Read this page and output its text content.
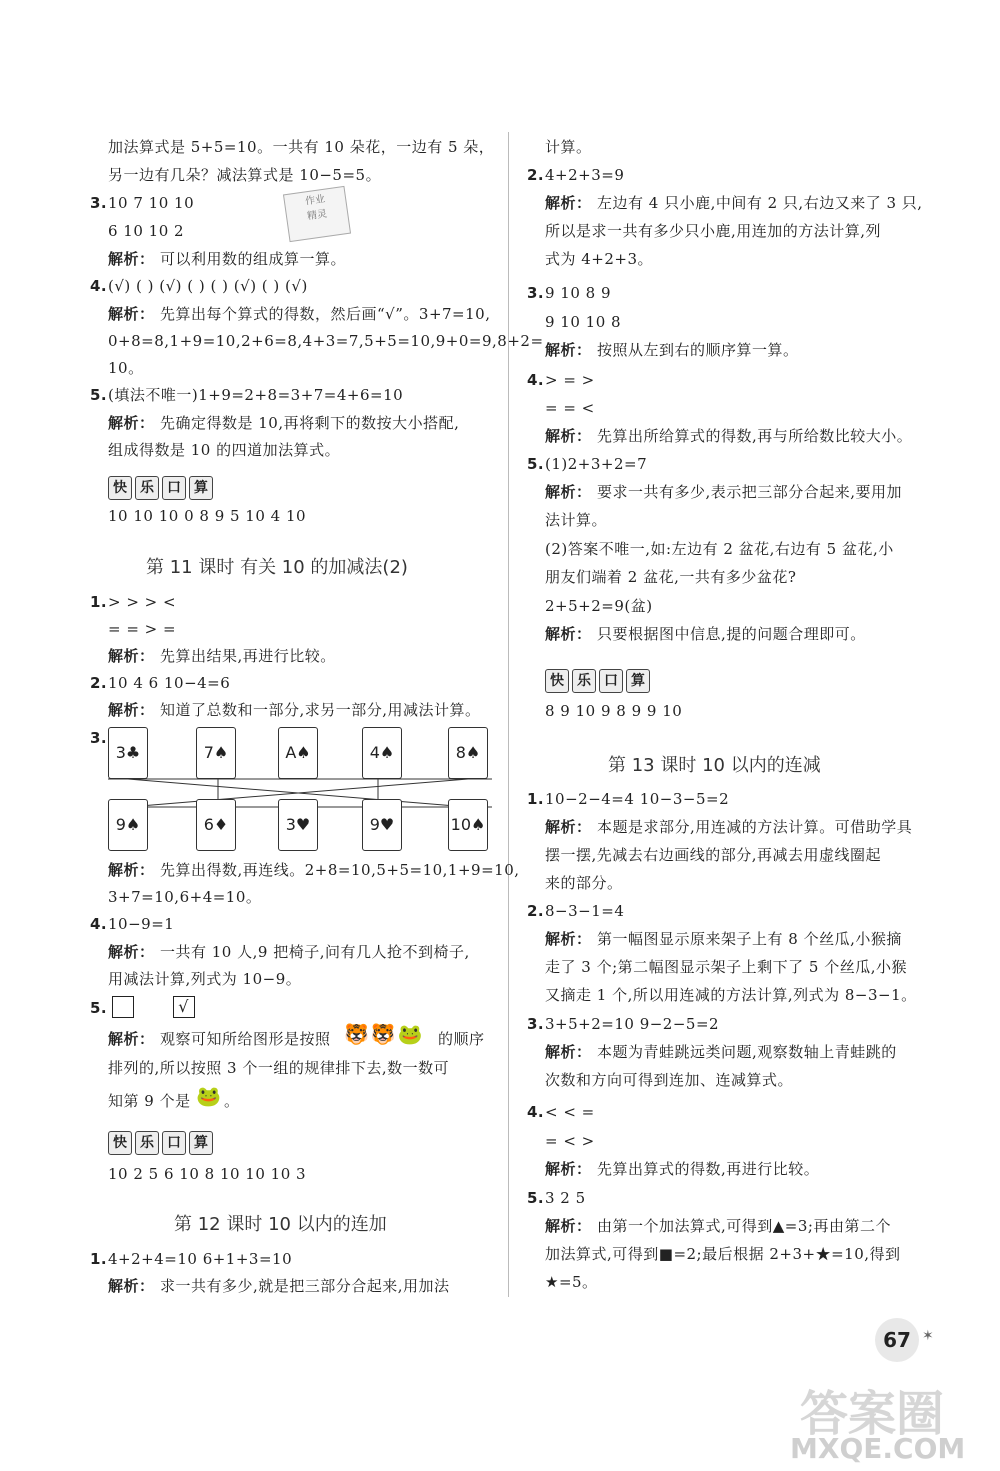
加法算式是 5+5=10。一共有 10 朵花，一边有 5 朵，
另一边有几朵？减法算式是 10−5=5。
3. 10 7 10 10
6 10 10 2
作业
精灵
解析： 可以利用数的组成算一算。
4. (√) ( ) (√) ( ) ( ) (√) ( ) (√)
解析： 先算出每个算式的得数，然后画“√”。3+7=10,
0+8=8,1+9=10,2+6=8,4+3=7,5+5=10,9+0=9,8+2=
10。
5. (填法不唯一)1+9=2+8=3+7=4+6=10
解析： 先确定得数是 10,再将剩下的数按大小搭配,
组成得数是 10 的四道加法算式。
快 乐 口 算
10 10 10 0 8 9 5 10 4 10
第 11 课时 有关 10 的加减法(2)
1. > > > <
= = > =
解析： 先算出结果,再进行比较。
2. 10 4 6 10−4=6
解析： 知道了总数和一部分,求另一部分,用减法计算。
3.
3♣	7♠	A♠	4♠	8♠
9♠	6♦	3♥	9♥	10♠
解析： 先算出得数,再连线。2+8=10,5+5=10,1+9=10,
3+7=10,6+4=10。
4. 10−9=1
解析： 一共有 10 人,9 把椅子,问有几人抢不到椅子,
用减法计算,列式为 10−9。
5.	√
解析： 观察可知所给图形是按照 🐯🐯🐸 的顺序
排列的,所以按照 3 个一组的规律排下去,数一数可
知第 9 个是 🐸 。
快 乐 口 算
10 2 5 6 10 8 10 10 10 3
第 12 课时 10 以内的连加
1. 4+2+4=10 6+1+3=10
解析： 求一共有多少,就是把三部分合起来,用加法
计算。
2. 4+2+3=9
解析： 左边有 4 只小鹿,中间有 2 只,右边又来了 3 只,
所以是求一共有多少只小鹿,用连加的方法计算,列
式为 4+2+3。
3. 9 10 8 9
9 10 10 8
解析： 按照从左到右的顺序算一算。
4. > = >
= = <
解析： 先算出所给算式的得数,再与所给数比较大小。
5. (1)2+3+2=7
解析： 要求一共有多少,表示把三部分合起来,要用加
法计算。
(2)答案不唯一,如:左边有 2 盆花,右边有 5 盆花,小
朋友们端着 2 盆花,一共有多少盆花?
2+5+2=9(盆)
解析： 只要根据图中信息,提的问题合理即可。
快 乐 口 算
8 9 10 9 8 9 9 10
第 13 课时 10 以内的连减
1. 10−2−4=4 10−3−5=2
解析： 本题是求部分,用连减的方法计算。可借助学具
摆一摆,先减去右边画线的部分,再减去用虚线圈起
来的部分。
2. 8−3−1=4
解析： 第一幅图显示原来架子上有 8 个丝瓜,小猴摘
走了 3 个;第二幅图显示架子上剩下了 5 个丝瓜,小猴
又摘走 1 个,所以用连减的方法计算,列式为 8−3−1。
3. 3+5+2=10 9−2−5=2
解析： 本题为青蛙跳远类问题,观察数轴上青蛙跳的
次数和方向可得到连加、连减算式。
4. < < =
= < >
解析： 先算出算式的得数,再进行比较。
5. 3 2 5
解析： 由第一个加法算式,可得到▲=3;再由第二个
加法算式,可得到■=2;最后根据 2+3+★=10,得到
★=5。
67 ✶
答案圈
MXQE.COM
